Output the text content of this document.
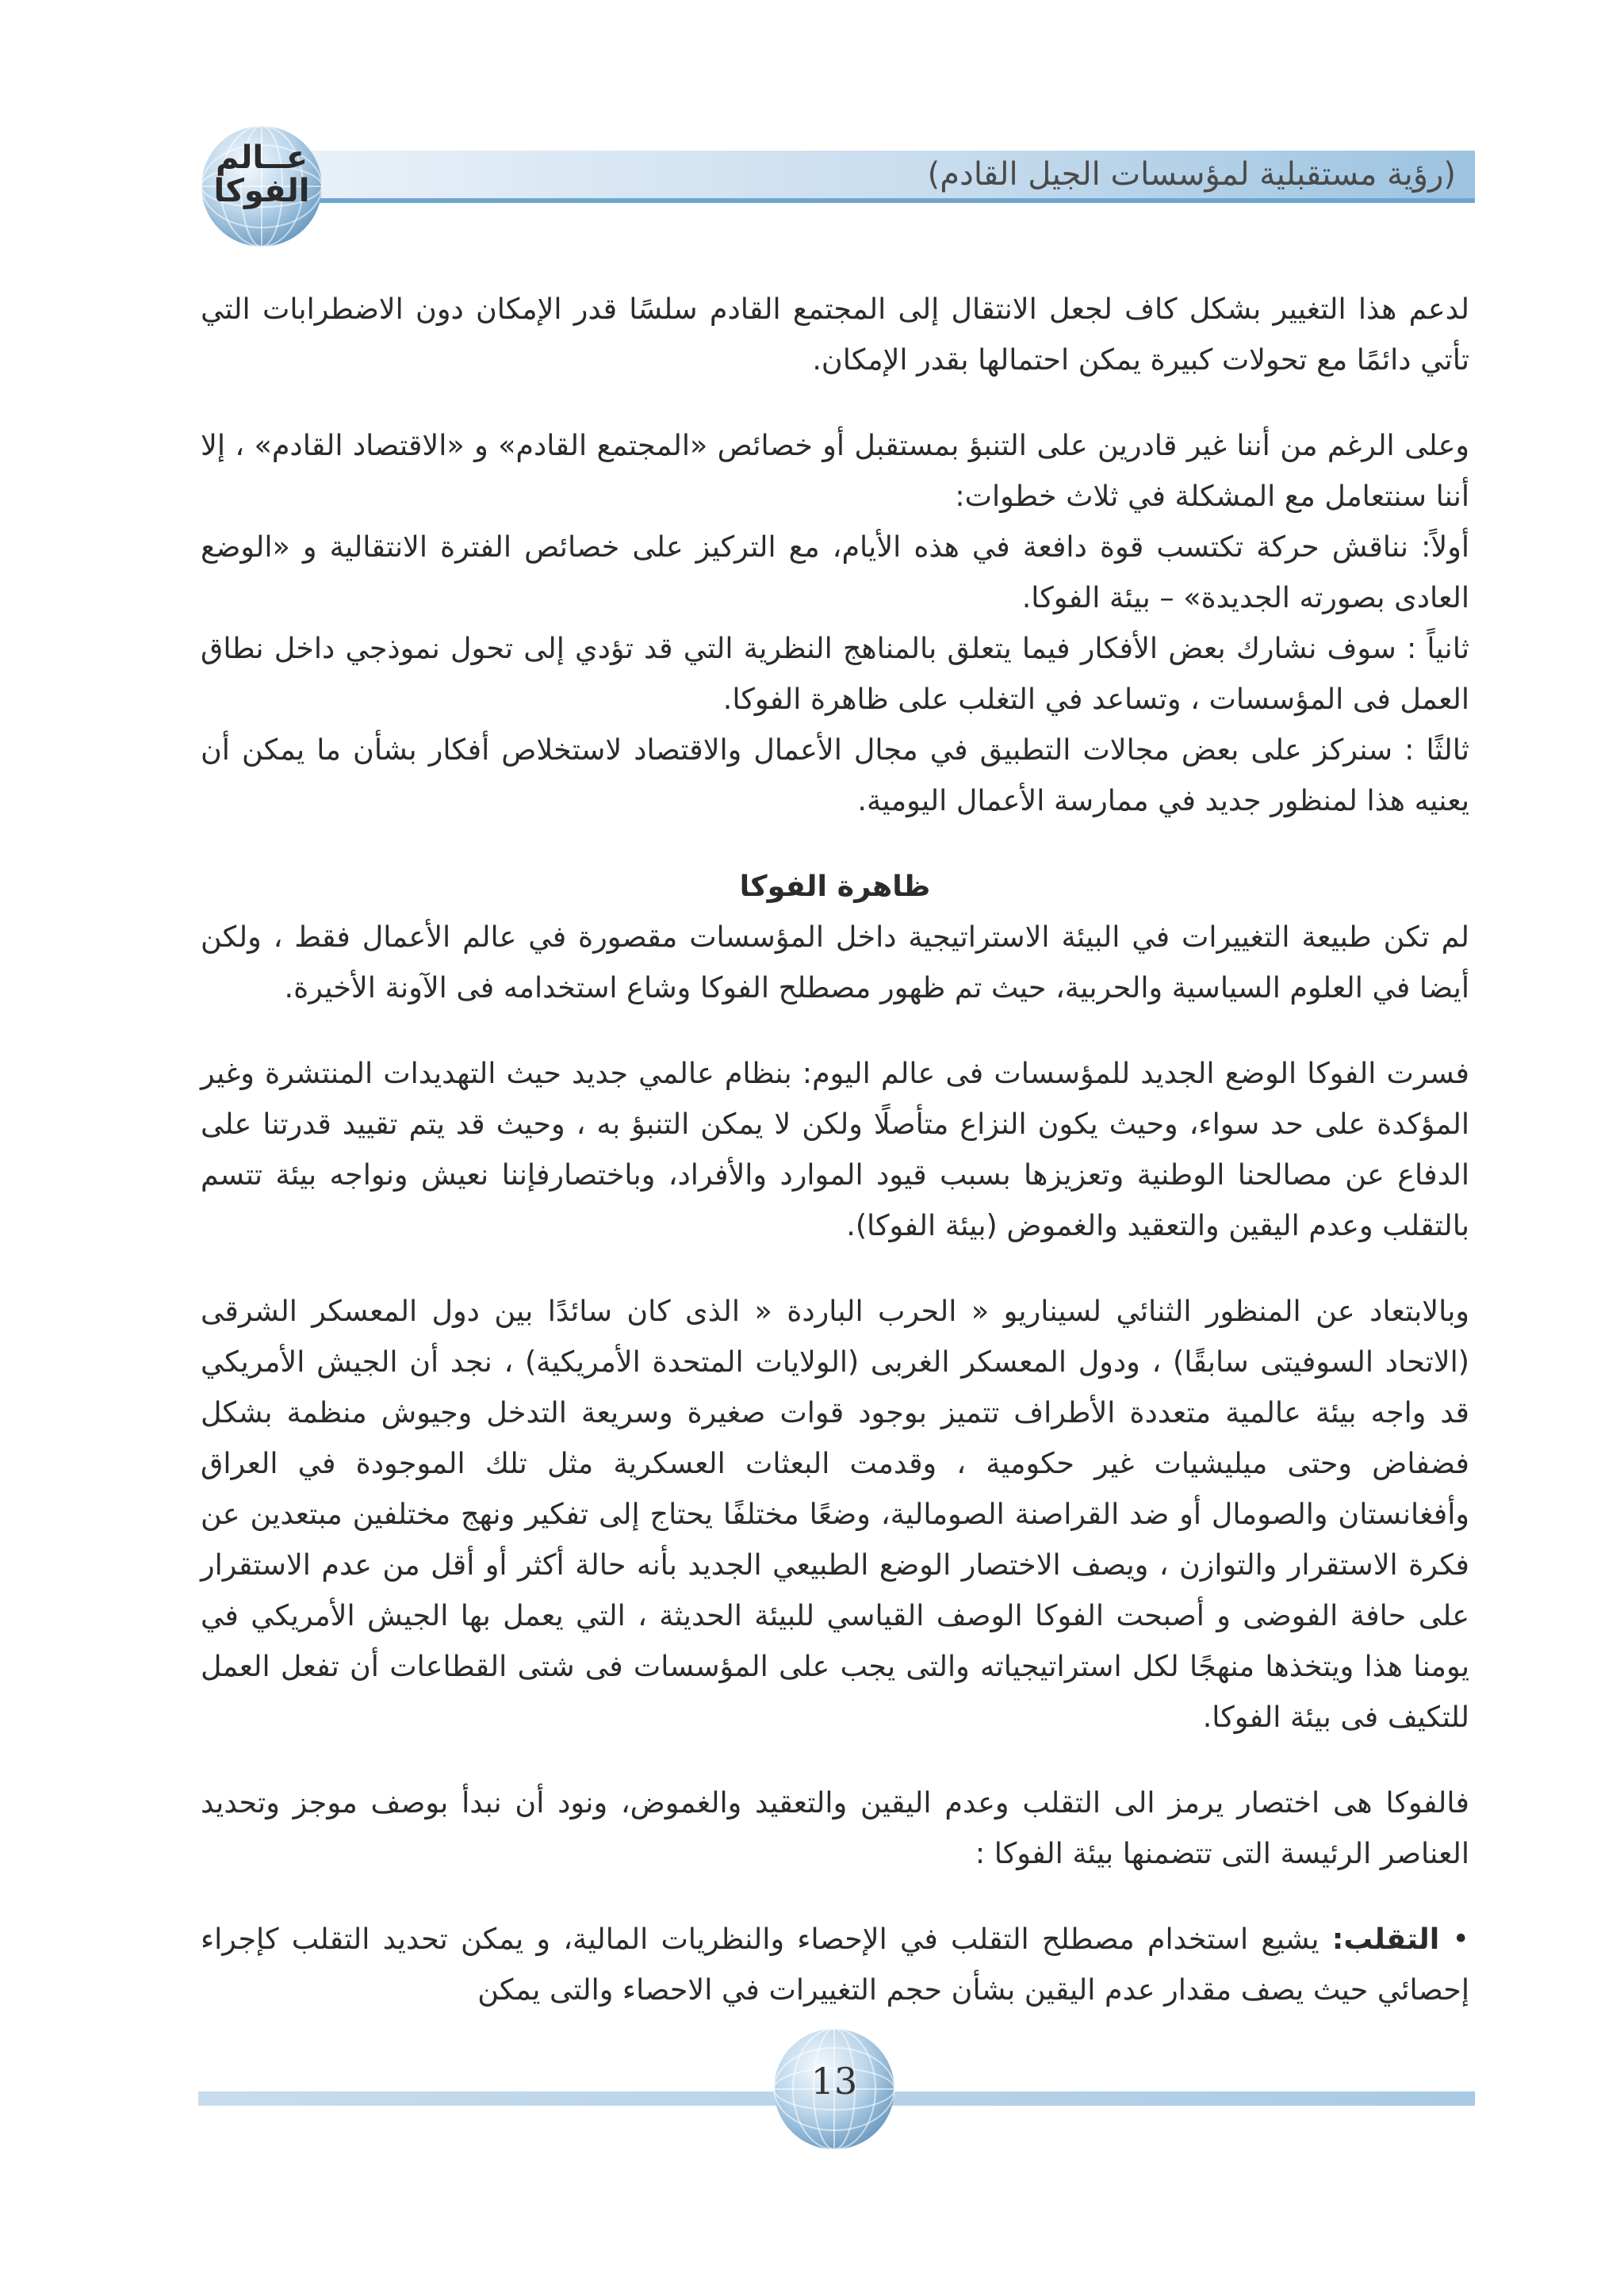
(رؤية مستقبلية لمؤسسات الجيل القادم)
عــالم
الفوكا

لدعم هذا التغيير بشكل كاف لجعل الانتقال إلى المجتمع القادم سلسًا قدر الإمكان دون الاضطرابات التي تأتي دائمًا مع تحولات كبيرة يمكن احتمالها بقدر الإمكان.

وعلى الرغم من أننا غير قادرين على التنبؤ بمستقبل أو خصائص «المجتمع القادم» و «الاقتصاد القادم» ، إلا أننا سنتعامل مع المشكلة في ثلاث خطوات:

أولاً: نناقش حركة تكتسب قوة دافعة في هذه الأيام، مع التركيز على خصائص الفترة الانتقالية و «الوضع العادى بصورته الجديدة» – بيئة الفوكا.

ثانياً : سوف نشارك بعض الأفكار فيما يتعلق بالمناهج النظرية التي قد تؤدي إلى تحول نموذجي داخل نطاق العمل فى المؤسسات ، وتساعد في التغلب على ظاهرة الفوكا.

ثالثًا : سنركز على بعض مجالات التطبيق في مجال الأعمال والاقتصاد لاستخلاص أفكار بشأن ما يمكن أن يعنيه هذا لمنظور جديد في ممارسة الأعمال اليومية.

ظاهرة الفوكا

لم تكن طبيعة التغييرات في البيئة الاستراتيجية داخل المؤسسات مقصورة في عالم الأعمال فقط ، ولكن أيضا في العلوم السياسية والحربية، حيث تم ظهور مصطلح الفوكا وشاع استخدامه فى الآونة الأخيرة.

فسرت الفوكا الوضع الجديد للمؤسسات فى عالم اليوم: بنظام عالمي جديد حيث التهديدات المنتشرة وغير المؤكدة على حد سواء، وحيث يكون النزاع متأصلًا ولكن لا يمكن التنبؤ به ، وحيث قد يتم تقييد قدرتنا على الدفاع عن مصالحنا الوطنية وتعزيزها بسبب قيود الموارد والأفراد، وباختصارفإننا نعيش ونواجه بيئة تتسم بالتقلب وعدم اليقين والتعقيد والغموض (بيئة الفوكا).

وبالابتعاد عن المنظور الثنائي لسيناريو « الحرب الباردة « الذى كان سائدًا بين دول المعسكر الشرقى (الاتحاد السوفيتى سابقًا) ، ودول المعسكر الغربى (الولايات المتحدة الأمريكية) ، نجد أن الجيش الأمريكي قد واجه بيئة عالمية متعددة الأطراف تتميز بوجود قوات صغيرة وسريعة التدخل وجيوش منظمة بشكل فضفاض وحتى ميليشيات غير حكومية ، وقدمت البعثات العسكرية مثل تلك الموجودة في العراق وأفغانستان والصومال أو ضد القراصنة الصومالية، وضعًا مختلفًا يحتاج إلى تفكير ونهج مختلفين مبتعدين عن فكرة الاستقرار والتوازن ، ويصف الاختصار الوضع الطبيعي الجديد بأنه حالة أكثر أو أقل من عدم الاستقرار على حافة الفوضى و أصبحت الفوكا الوصف القياسي للبيئة الحديثة ، التي يعمل بها الجيش الأمريكي في يومنا هذا ويتخذها منهجًا لكل استراتيجياته والتى يجب على المؤسسات فى شتى القطاعات أن تفعل العمل للتكيف فى بيئة الفوكا.

فالفوكا هى اختصار يرمز الى التقلب وعدم اليقين والتعقيد والغموض، ونود أن نبدأ بوصف موجز وتحديد العناصر الرئيسة التى تتضمنها بيئة الفوكا :

• التقلب: يشيع استخدام مصطلح التقلب في الإحصاء والنظريات المالية، و يمكن تحديد التقلب كإجراء إحصائي حيث يصف مقدار عدم اليقين بشأن حجم التغييرات في الاحصاء والتى يمكن

13
